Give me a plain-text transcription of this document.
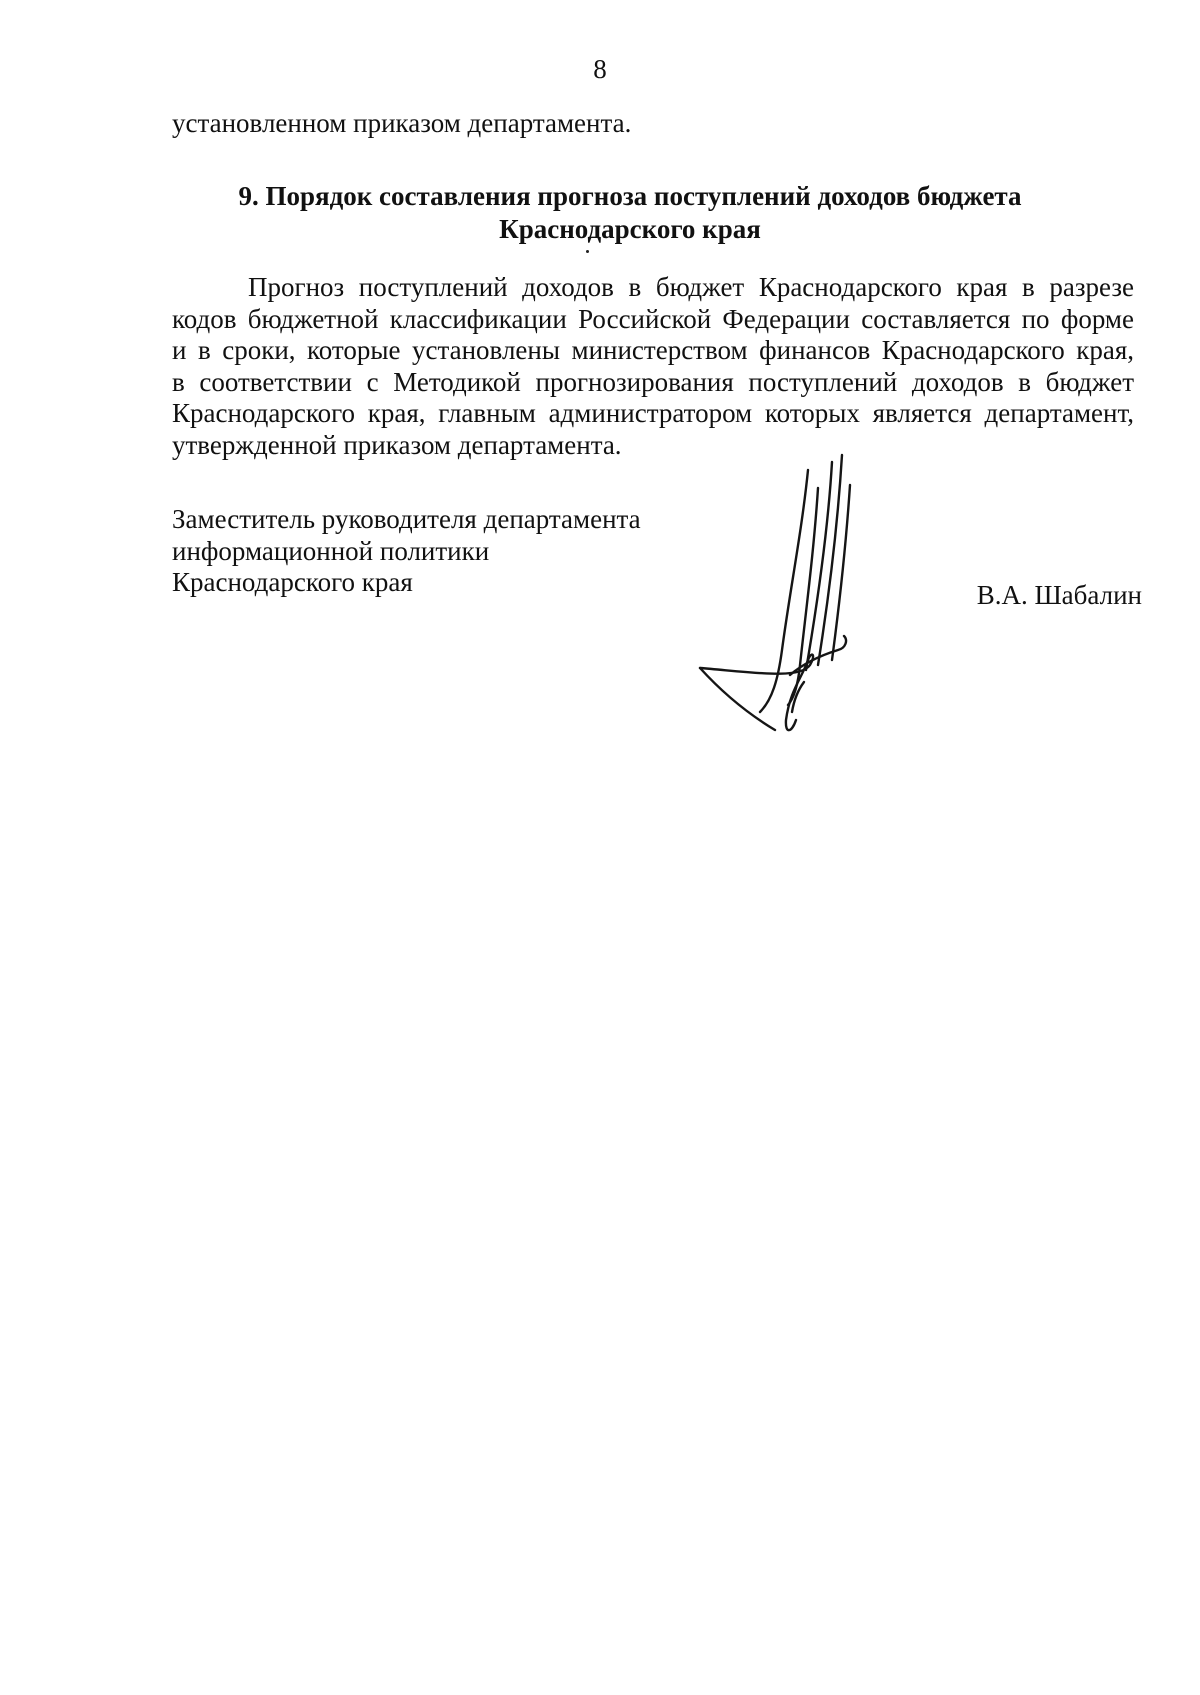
8
установленном приказом департамента.
9. Порядок составления прогноза поступлений доходов бюджета
Краснодарского края
Прогноз поступлений доходов в бюджет Краснодарского края в разрезе
кодов бюджетной классификации Российской Федерации составляется по форме
и в сроки, которые установлены министерством финансов Краснодарского края,
в соответствии с Методикой прогнозирования поступлений доходов в бюджет
Краснодарского края, главным администратором которых является департамент,
утвержденной приказом департамента.
Заместитель руководителя департамента
информационной политики
Краснодарского края	В.А. Шабалин
